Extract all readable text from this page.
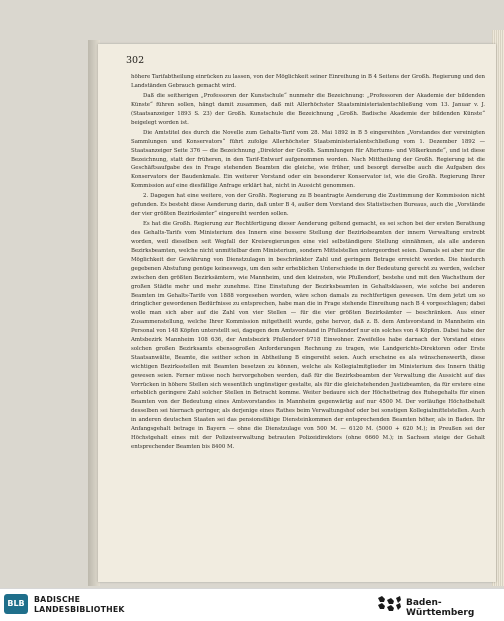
302

höhere Tarifabtheilung einrücken zu lassen, von der Möglichkeit seiner Einreihung in B 4 Seitens der Großh. Regierung und den Landständen Gebrauch gemacht wird.

Daß die seitherigen „Professoren der Kunstschule“ nunmehr die Bezeichnung: „Professoren der Akademie der bildenden Künste“ führen sollen, hängt damit zusammen, daß mit Allerhöchster Staatsministerialentschließung vom 13. Januar v. J. (Staatsanzeiger 1893 S. 23) der Großh. Kunstschule die Bezeichnung „Großh. Badische Akademie der bildenden Künste“ beigelegt worden ist.

Die Amtstitel des durch die Novelle zum Gehalts-Tarif vom 28. Mai 1892 in B 5 eingereihten „Vorstandes der vereinigten Sammlungen und Konservators“ führt zufolge Allerhöchster Staatsministerialentschließung vom 1. Dezember 1892 — Staatsanzeiger Seite 376 — die Bezeichnung „Direktor der Großh. Sammlungen für Altertums- und Völkerkunde“, und ist diese Bezeichnung, statt der früheren, in den Tarif-Entwurf aufgenommen worden. Nach Mittheilung der Großh. Regierung ist die Geschäftsaufgabe des in Frage stehenden Beamten die gleiche, wie früher, und besorgt derselbe auch die Aufgaben des Konservators der Baudenkmale. Ein weiterer Vorstand oder ein besonderer Konservator ist, wie die Großh. Regierung Ihrer Kommission auf eine diesfällige Anfrage erklärt hat, nicht in Aussicht genommen.

2. Dagegen hat eine weitere, von der Großh. Regierung zu B beantragte Aenderung die Zustimmung der Kommission nicht gefunden. Es besteht diese Aenderung darin, daß unter B 4, außer dem Vorstand des Statistischen Bureaus, auch die „Vorstände der vier größten Bezirksämter“ eingereiht werden sollen.

Es hat die Großh. Regierung zur Rechtfertigung dieser Aenderung geltend gemacht, es sei schon bei der ersten Berathung des Gehalts-Tarifs vom Ministerium des Innern eine bessere Stellung der Bezirksbeamten der innern Verwaltung erstrebt worden, weil dieselben seit Wegfall der Kreisregierungen eine viel selbständigere Stellung einnähmen, als alle anderen Bezirksbeamten, welche nicht unmittelbar dem Ministerium, sondern Mittelstellen untergeordnet seien. Damals sei aber nur die Möglichkeit der Gewährung von Dienstzulagen in beschränkter Zahl und geringem Betrage erreicht worden. Die hiedurch gegebenen Abstufung genüge keineswegs, um den sehr erheblichen Unterschiede in der Bedeutung gerecht zu werden, welcher zwischen den größten Bezirksämtern, wie Mannheim, und den kleinsten, wie Pfullendorf, bestehe und mit den Wachsthum der großen Städte mehr und mehr zunehme. Eine Einstufung der Bezirksbeamten in Gehaltsklassen, wie solche bei anderen Beamten im Gehalts-Tarife von 1888 vorgesehen worden, wäre schon damals zu rechtfertigen gewesen. Um dem jetzt um so dringlicher gewordenen Bedürfnisse zu entsprechen, habe man die in Frage stehende Einreihung nach B 4 vorgeschlagen; dabei wolle man sich aber auf die Zahl von vier Stellen — für die vier größten Bezirksämter — beschränken. Aus einer Zusammenstellung, welche Ihrer Kommission mitgetheilt wurde, gehe hervor, daß z. B. dem Amtsvorstand in Mannheim ein Personal von 148 Köpfen unterstellt sei, dagegen dem Amtsvorstand in Pfullendorf nur ein solches von 4 Köpfen. Dabei habe der Amtsbezirk Mannheim 108 636, der Amtsbezirk Pfullendorf 9718 Einwohner. Zweifellos habe darnach der Vorstand eines solchen großen Bezirksamts ebensogroßen Anforderungen Rechnung zu tragen, wie Landgerichts-Direktoren oder Erste Staatsanwälte, Beamte, die seither schon in Abtheilung B eingereiht seien. Auch erscheine es als wünschenswerth, diese wichtigen Bezirksstellen mit Beamten besetzen zu können, welche als Kollegialmitglieder im Ministerium des Innern thätig gewesen seien. Ferner müsse noch hervorgehoben werden, daß für die Bezirksbeamten der Verwaltung die Aussicht auf das Vorrücken in höhere Stellen sich wesentlich ungünstiger gestalte, als für die gleichstehenden Justizbeamten, da für erstere eine erheblich geringere Zahl solcher Stellen in Betracht komme. Weiter bedaure sich der Höchstbetrag des Ruhegehalts für einen Beamten von der Bedeutung eines Amtsvorstandes in Mannheim gegenwärtig auf nur 4500 M. Der vorläufige Höchstbehalt desselben sei hiernach geringer, als derjenige eines Rathes beim Verwaltungshof oder bei sonstigen Kollegialmittelstellen. Auch in anderen deutschen Staaten sei das pensionsfähige Diensteinkommen der entsprechenden Beamten höher, als in Baden. Ihr Anfangsgehalt betrage in Bayern — ohne die Dienstzulage von 500 M. — 6120 M. (5000 + 620 M.); in Preußen sei der Höchstgehalt eines mit der Polizeiverwaltung betrauten Polizeidirektors (ohne 6660 M.); in Sachsen steige der Gehalt entsprechender Beamten bis 8400 M.

BLB	BADISCHE
LANDESBIBLIOTHEK
Baden-Württemberg
